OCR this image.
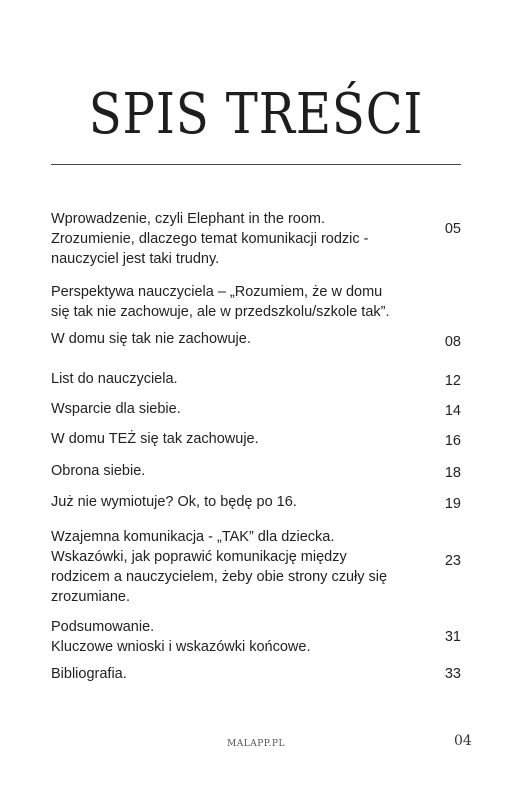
SPIS TREŚCI
Wprowadzenie, czyli Elephant in the room.
Zrozumienie, dlaczego temat komunikacji rodzic -
nauczyciel jest taki trudny.
05
Perspektywa nauczyciela – „Rozumiem, że w domu
się tak nie zachowuje, ale w przedszkolu/szkole tak”.
W domu się tak nie zachowuje.	08
List do nauczyciela.	12
Wsparcie dla siebie.	14
W domu TEŻ się tak zachowuje.	16
Obrona siebie.	18
Już nie wymiotuje? Ok, to będę po 16.	19
Wzajemna komunikacja - „TAK” dla dziecka.
Wskazówki, jak poprawić komunikację między
rodzicem a nauczycielem, żeby obie strony czuły się
zrozumiane.
23
Podsumowanie.
Kluczowe wnioski i wskazówki końcowe.
31
Bibliografia.	33
MALAPP.PL	04
